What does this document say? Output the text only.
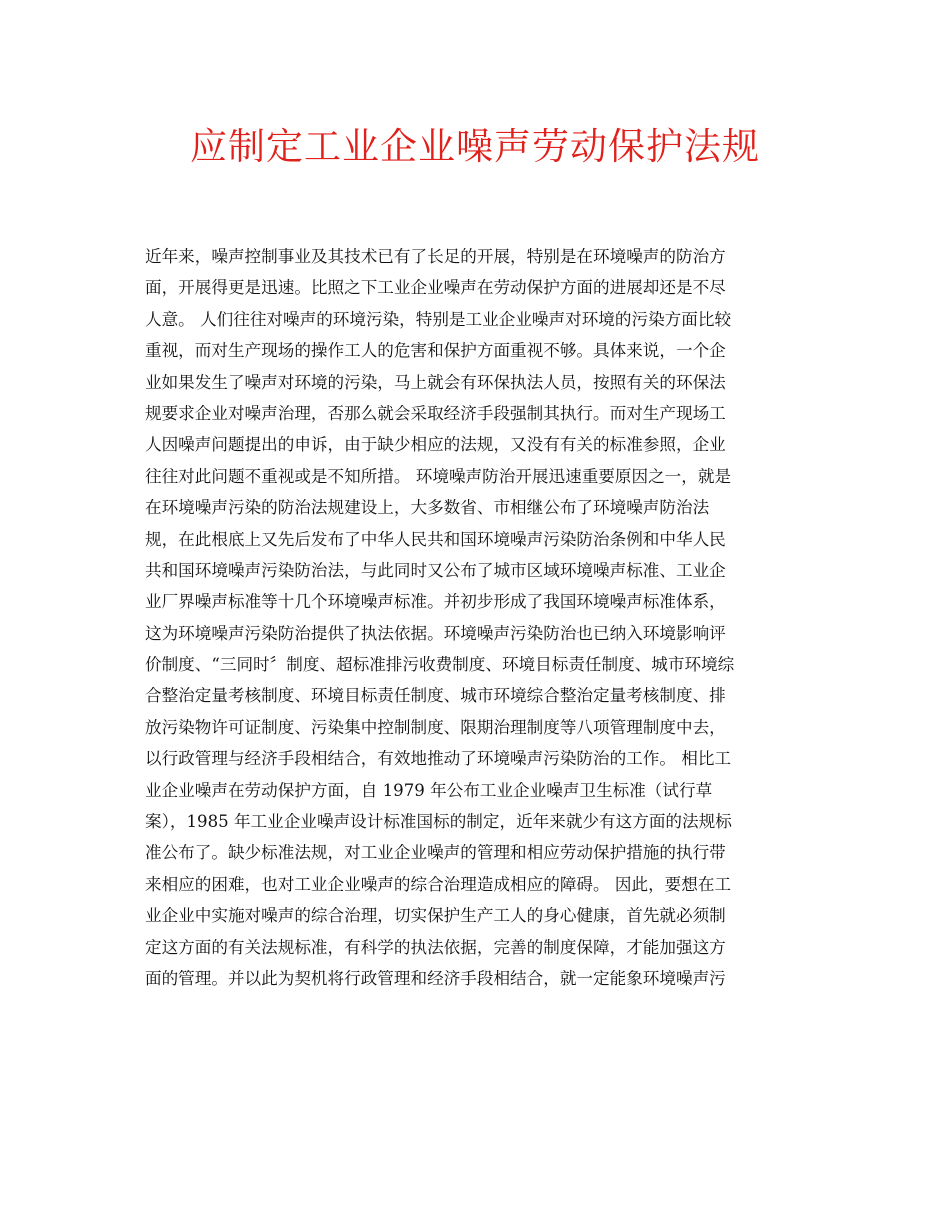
应制定工业企业噪声劳动保护法规
近年来，噪声控制事业及其技术已有了长足的开展，特别是在环境噪声的防治方
面，开展得更是迅速。比照之下工业企业噪声在劳动保护方面的进展却还是不尽
人意。 人们往往对噪声的环境污染，特别是工业企业噪声对环境的污染方面比较
重视，而对生产现场的操作工人的危害和保护方面重视不够。具体来说，一个企
业如果发生了噪声对环境的污染，马上就会有环保执法人员，按照有关的环保法
规要求企业对噪声治理，否那么就会采取经济手段强制其执行。而对生产现场工
人因噪声问题提出的申诉，由于缺少相应的法规，又没有有关的标准参照，企业
往往对此问题不重视或是不知所措。 环境噪声防治开展迅速重要原因之一，就是
在环境噪声污染的防治法规建设上，大多数省、市相继公布了环境噪声防治法
规，在此根底上又先后发布了中华人民共和国环境噪声污染防治条例和中华人民
共和国环境噪声污染防治法，与此同时又公布了城市区域环境噪声标准、工业企
业厂界噪声标准等十几个环境噪声标准。并初步形成了我国环境噪声标准体系，
这为环境噪声污染防治提供了执法依据。环境噪声污染防治也已纳入环境影响评
价制度、“三同时〞制度、超标准排污收费制度、环境目标责任制度、城市环境综
合整治定量考核制度、环境目标责任制度、城市环境综合整治定量考核制度、排
放污染物许可证制度、污染集中控制制度、限期治理制度等八项管理制度中去，
以行政管理与经济手段相结合，有效地推动了环境噪声污染防治的工作。 相比工
业企业噪声在劳动保护方面，自 1979 年公布工业企业噪声卫生标准（试行草
案），1985 年工业企业噪声设计标准国标的制定，近年来就少有这方面的法规标
准公布了。缺少标准法规，对工业企业噪声的管理和相应劳动保护措施的执行带
来相应的困难，也对工业企业噪声的综合治理造成相应的障碍。 因此，要想在工
业企业中实施对噪声的综合治理，切实保护生产工人的身心健康，首先就必须制
定这方面的有关法规标准，有科学的执法依据，完善的制度保障，才能加强这方
面的管理。并以此为契机将行政管理和经济手段相结合，就一定能象环境噪声污
